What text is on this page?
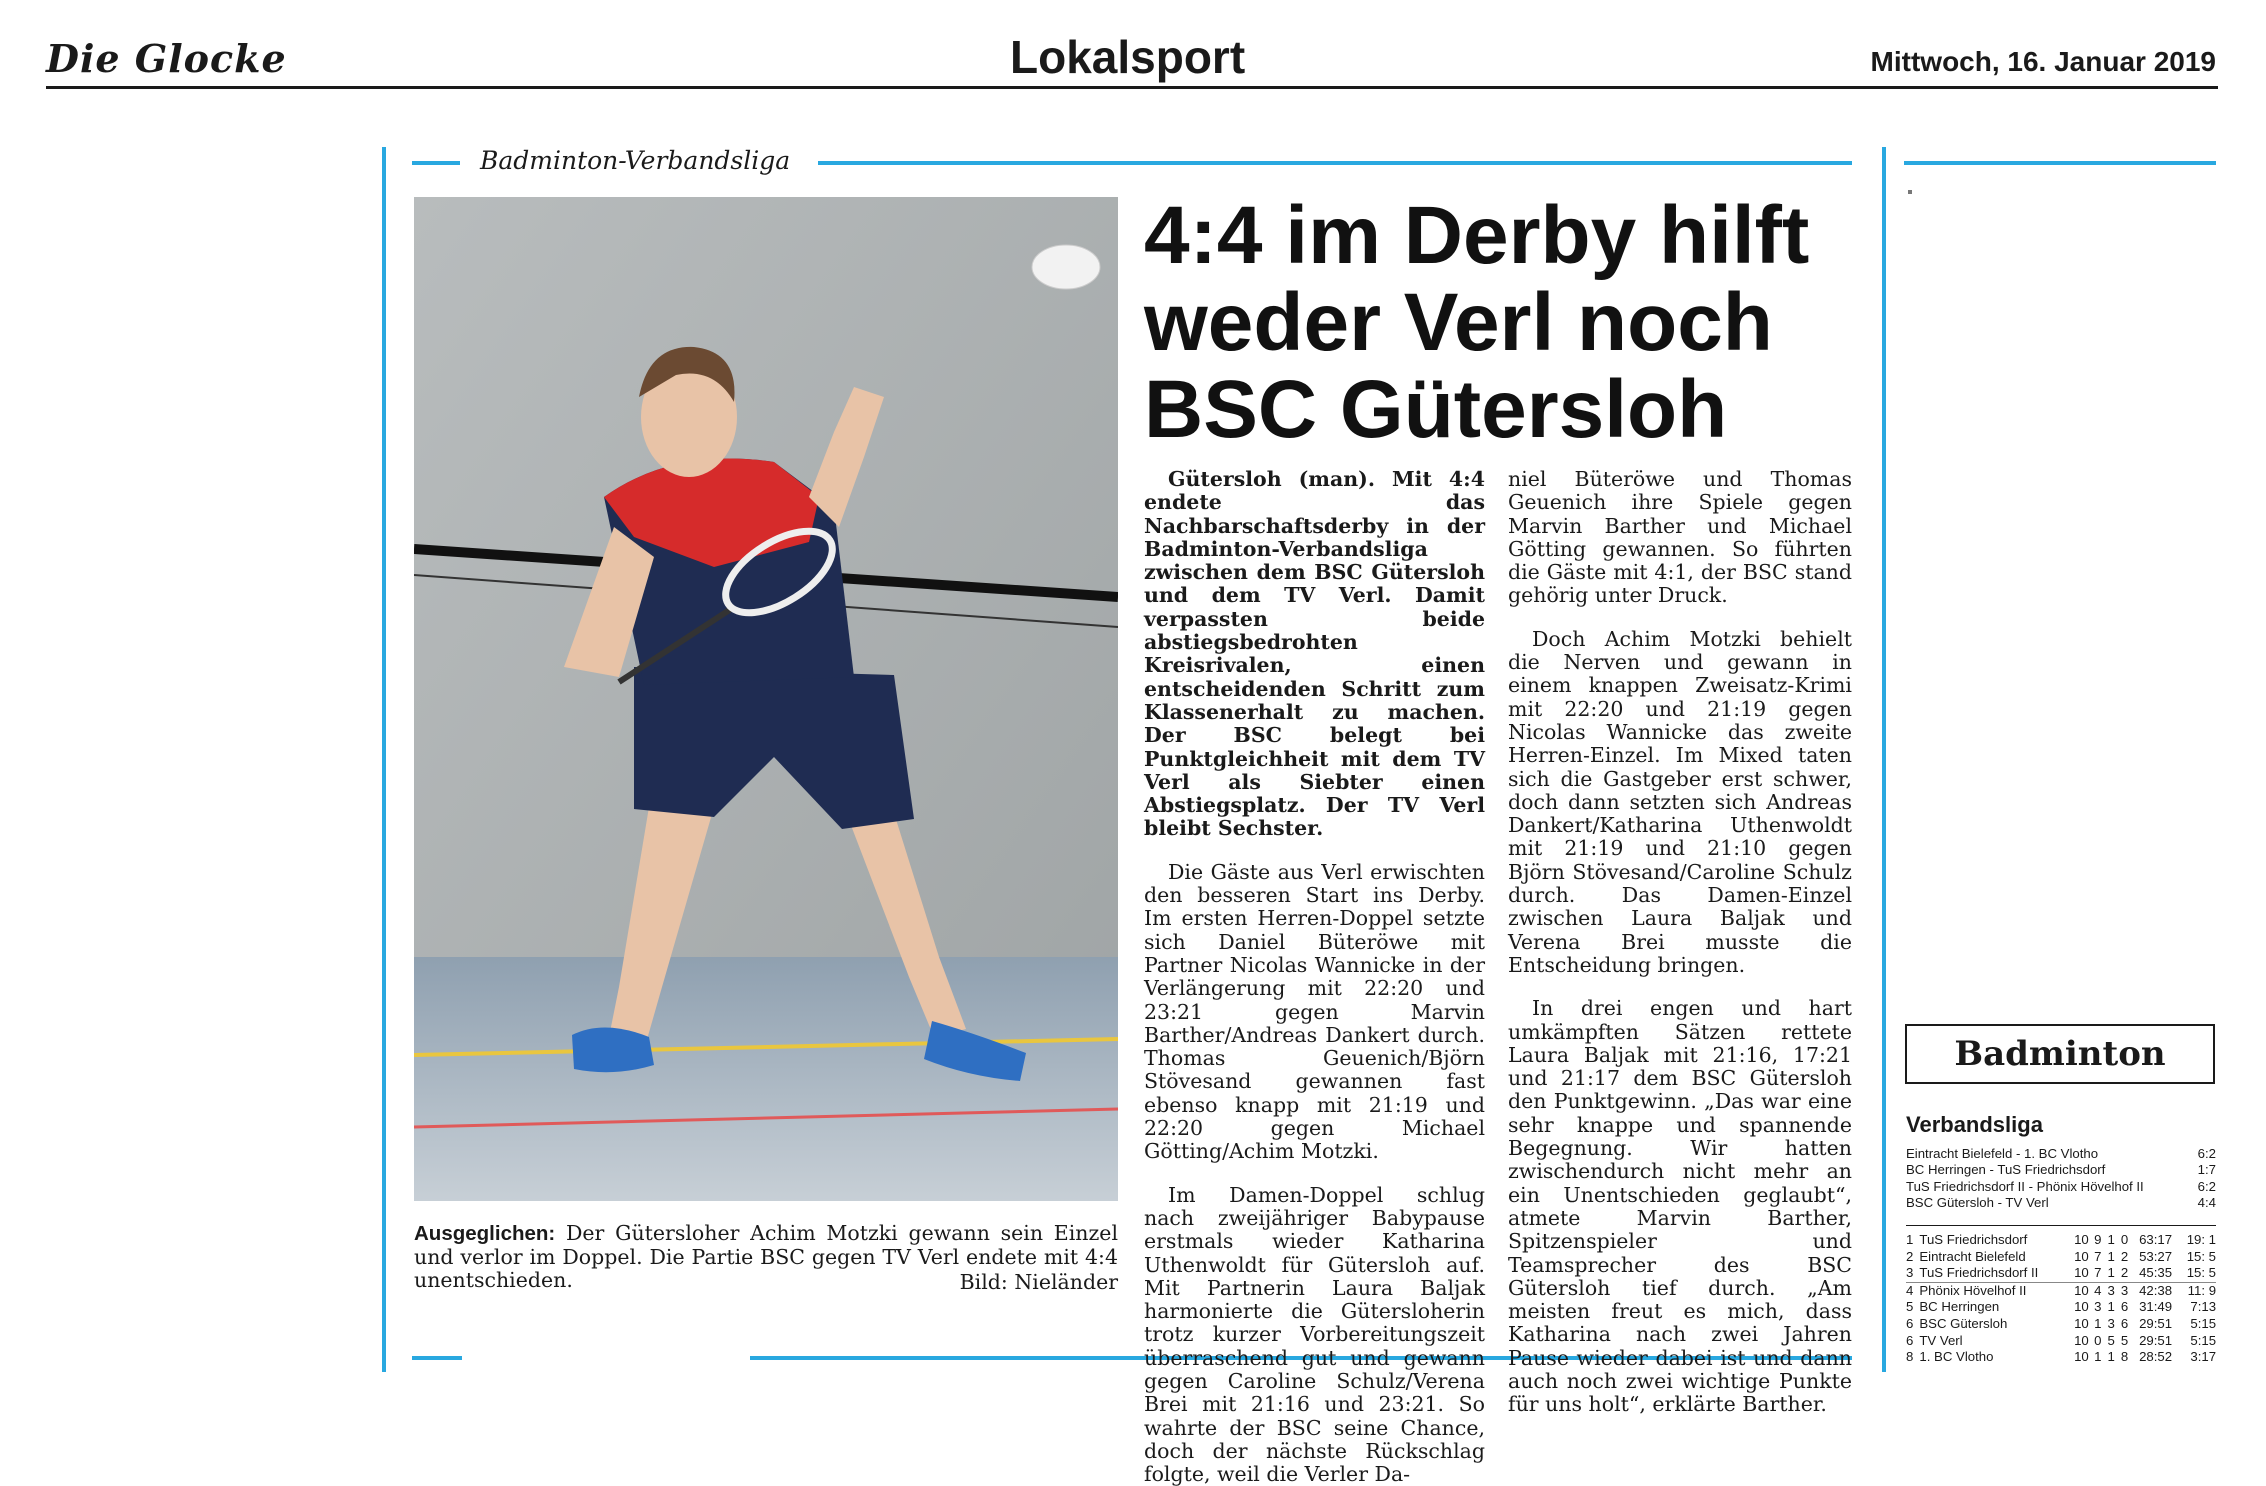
Die Glocke	Lokalsport	Mittwoch, 16. Januar 2019
Badminton-Verbandsliga
4:4 im Derby hilft
weder Verl noch
BSC Gütersloh

Gütersloh (man). Mit 4:4 endete das Nachbarschaftsderby in der Badminton-Verbandsliga zwischen dem BSC Gütersloh und dem TV Verl. Damit verpassten beide abstiegsbedrohten Kreisrivalen, einen entscheidenden Schritt zum Klassenerhalt zu machen. Der BSC belegt bei Punktgleichheit mit dem TV Verl als Siebter einen Abstiegsplatz. Der TV Verl bleibt Sechster.

Die Gäste aus Verl erwischten den besseren Start ins Derby. Im ersten Herren-Doppel setzte sich Daniel Büteröwe mit Partner Nicolas Wannicke in der Verlängerung mit 22:20 und 23:21 gegen Marvin Barther/Andreas Dankert durch. Thomas Geuenich/Björn Stövesand gewannen fast ebenso knapp mit 21:19 und 22:20 gegen Michael Götting/Achim Motzki.

Im Damen-Doppel schlug nach zweijähriger Babypause erstmals wieder Katharina Uthenwoldt für Gütersloh auf. Mit Partnerin Laura Baljak harmonierte die Gütersloherin trotz kurzer Vorbereitungszeit überraschend gut und gewann gegen Caroline Schulz/Verena Brei mit 21:16 und 23:21. So wahrte der BSC seine Chance, doch der nächste Rückschlag folgte, weil die Verler Da-

niel Büteröwe und Thomas Geuenich ihre Spiele gegen Marvin Barther und Michael Götting gewannen. So führten die Gäste mit 4:1, der BSC stand gehörig unter Druck.

Doch Achim Motzki behielt die Nerven und gewann in einem knappen Zweisatz-Krimi mit 22:20 und 21:19 gegen Nicolas Wannicke das zweite Herren-Einzel. Im Mixed taten sich die Gastgeber erst schwer, doch dann setzten sich Andreas Dankert/Katharina Uthenwoldt mit 21:19 und 21:10 gegen Björn Stövesand/Caroline Schulz durch. Das Damen-Einzel zwischen Laura Baljak und Verena Brei musste die Entscheidung bringen.

In drei engen und hart umkämpften Sätzen rettete Laura Baljak mit 21:16, 17:21 und 21:17 dem BSC Gütersloh den Punktgewinn. „Das war eine sehr knappe und spannende Begegnung. Wir hatten zwischendurch nicht mehr an ein Unentschieden geglaubt“, atmete Marvin Barther, Spitzenspieler und Teamsprecher des BSC Gütersloh tief durch. „Am meisten freut es mich, dass Katharina nach zwei Jahren Pause wieder dabei ist und dann auch noch zwei wichtige Punkte für uns holt“, erklärte Barther.

Ausgeglichen: Der Gütersloher Achim Motzki gewann sein Einzel und verlor im Doppel. Die Partie BSC gegen TV Verl endete mit 4:4 unentschieden.	Bild: Nieländer
Badminton
Verbandsliga
Eintracht Bielefeld - 1. BC Vlotho	6:2
BC Herringen - TuS Friedrichsdorf	1:7
TuS Friedrichsdorf II - Phönix Hövelhof II	6:2
BSC Gütersloh - TV Verl	4:4
1 TuS Friedrichsdorf	10 9 1 0 63:17	19: 1
2 Eintracht Bielefeld	10 7 1 2 53:27	15: 5
3 TuS Friedrichsdorf II	10 7 1 2 45:35	15: 5
4 Phönix Hövelhof II	10 4 3 3 42:38	11: 9
5 BC Herringen	10 3 1 6 31:49	7:13
6 BSC Gütersloh	10 1 3 6 29:51	5:15
6 TV Verl	10 0 5 5 29:51	5:15
8 1. BC Vlotho	10 1 1 8 28:52	3:17
